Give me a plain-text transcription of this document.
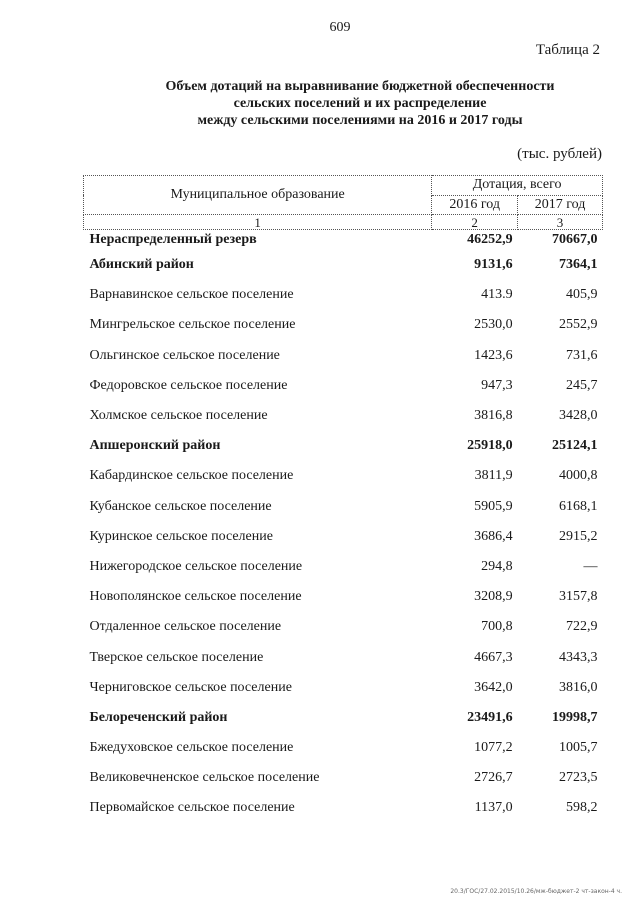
609
Таблица 2
Объем дотаций на выравнивание бюджетной обеспеченности
сельских поселений и их распределение
между сельскими поселениями на 2016 и 2017 годы
(тыс. рублей)
Муниципальное образование	Дотация, всего	
	2016 год	2017 год
1	2	3
Нераспределенный резерв	46252,9	70667,0
Абинский район	9131,6	7364,1
Варнавинское сельское поселение	413.9	405,9
Мингрельское сельское поселение	2530,0	2552,9
Ольгинское сельское поселение	1423,6	731,6
Федоровское сельское поселение	947,3	245,7
Холмское сельское поселение	3816,8	3428,0
Апшеронский район	25918,0	25124,1
Кабардинское сельское поселение	3811,9	4000,8
Кубанское сельское поселение	5905,9	6168,1
Куринское сельское поселение	3686,4	2915,2
Нижегородское сельское поселение	294,8	—
Новополянское сельское поселение	3208,9	3157,8
Отдаленное сельское поселение	700,8	722,9
Тверское сельское поселение	4667,3	4343,3
Черниговское сельское поселение	3642,0	3816,0
Белореченский район	23491,6	19998,7
Бжедуховское сельское поселение	1077,2	1005,7
Великовечненское сельское поселение	2726,7	2723,5
Первомайское сельское поселение	1137,0	598,2
20.3/ГОС/27.02.2015/10.26/мж-бюджет-2 чт-закон-4 ч.
